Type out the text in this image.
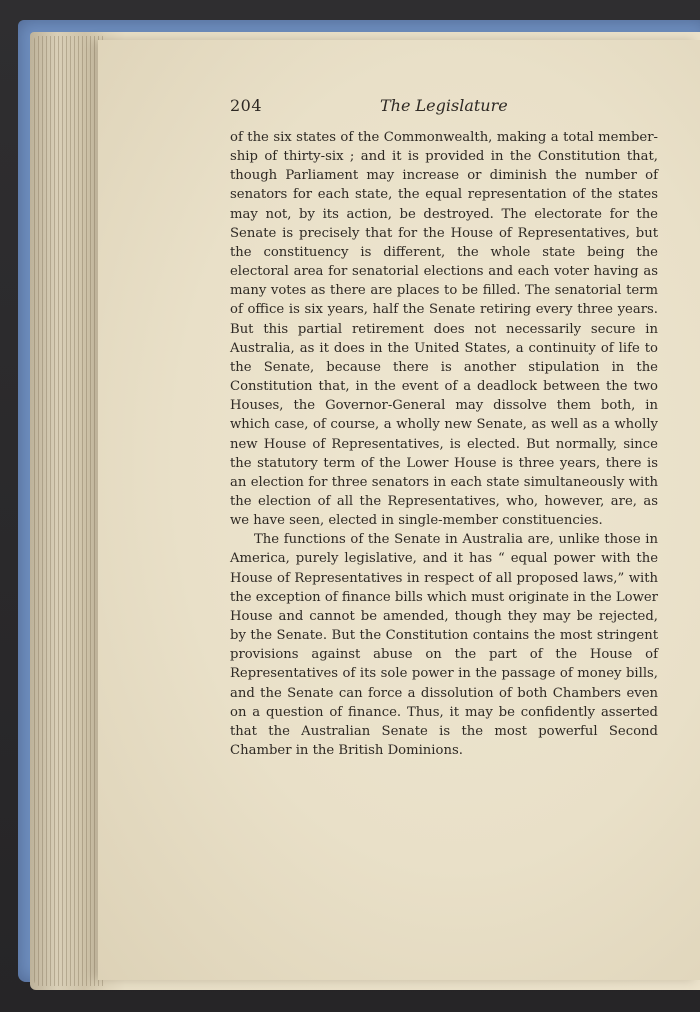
204	The Legislature

of the six states of the Commonwealth, making a total membership of thirty-six ; and it is provided in the Constitution that, though Parliament may increase or diminish the number of senators for each state, the equal representation of the states may not, by its action, be destroyed. The electorate for the Senate is precisely that for the House of Representatives, but the constituency is different, the whole state being the electoral area for senatorial elections and each voter having as many votes as there are places to be filled. The senatorial term of office is six years, half the Senate retiring every three years. But this partial retirement does not necessarily secure in Australia, as it does in the United States, a continuity of life to the Senate, because there is another stipulation in the Constitution that, in the event of a deadlock between the two Houses, the Governor-General may dissolve them both, in which case, of course, a wholly new Senate, as well as a wholly new House of Representatives, is elected. But normally, since the statutory term of the Lower House is three years, there is an election for three senators in each state simultaneously with the election of all the Representatives, who, however, are, as we have seen, elected in single-member constituencies.

The functions of the Senate in Australia are, unlike those in America, purely legislative, and it has “ equal power with the House of Representatives in respect of all proposed laws,” with the exception of finance bills which must originate in the Lower House and cannot be amended, though they may be rejected, by the Senate. But the Constitution contains the most stringent provisions against abuse on the part of the House of Representatives of its sole power in the passage of money bills, and the Senate can force a dissolution of both Chambers even on a question of finance. Thus, it may be confidently asserted that the Australian Senate is the most powerful Second Chamber in the British Dominions.
